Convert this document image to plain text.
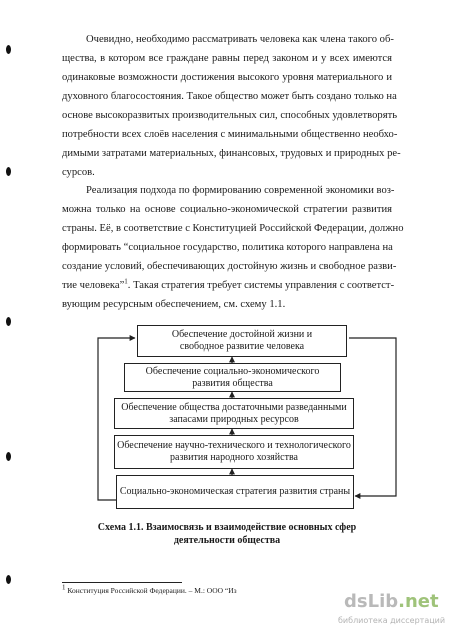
Очевидно, необходимо рассматривать человека как члена такого об-
щества, в котором все граждане равны перед законом и у всех имеются
одинаковые возможности достижения высокого уровня материального и
духовного благосостояния. Такое общество может быть создано только на
основе высокоразвитых производительных сил, способных удовлетворять
потребности всех слоёв населения с минимальными общественно необхо-
димыми затратами материальных, финансовых, трудовых и природных ре-
сурсов.
Реализация подхода по формированию современной экономики воз-
можна только на основе социально-экономической стратегии развития
страны. Её, в соответствие с Конституцией Российской Федерации, должно
формировать “социальное государство, политика которого направлена на
создание условий, обеспечивающих достойную жизнь и свободное разви-
тие человека”$^1$. Такая стратегия требует системы управления с соответст-
вующим ресурсным обеспечением, см. схему 1.1.
Обеспечение достойной жизни и
свободное развитие человека
Обеспечение социально-экономического
развития общества
Обеспечение общества достаточными разведанными
запасами природных ресурсов
Обеспечение научно-технического и технологического
развития народного хозяйства
Социально-экономическая стратегия развития страны
Схема 1.1. Взаимосвязь и взаимодействие основных сфер
деятельности общества
$^1$ Конституция Российской Федерации. – М.: ООО “Из
dsLib.net
библиотека диссертаций
